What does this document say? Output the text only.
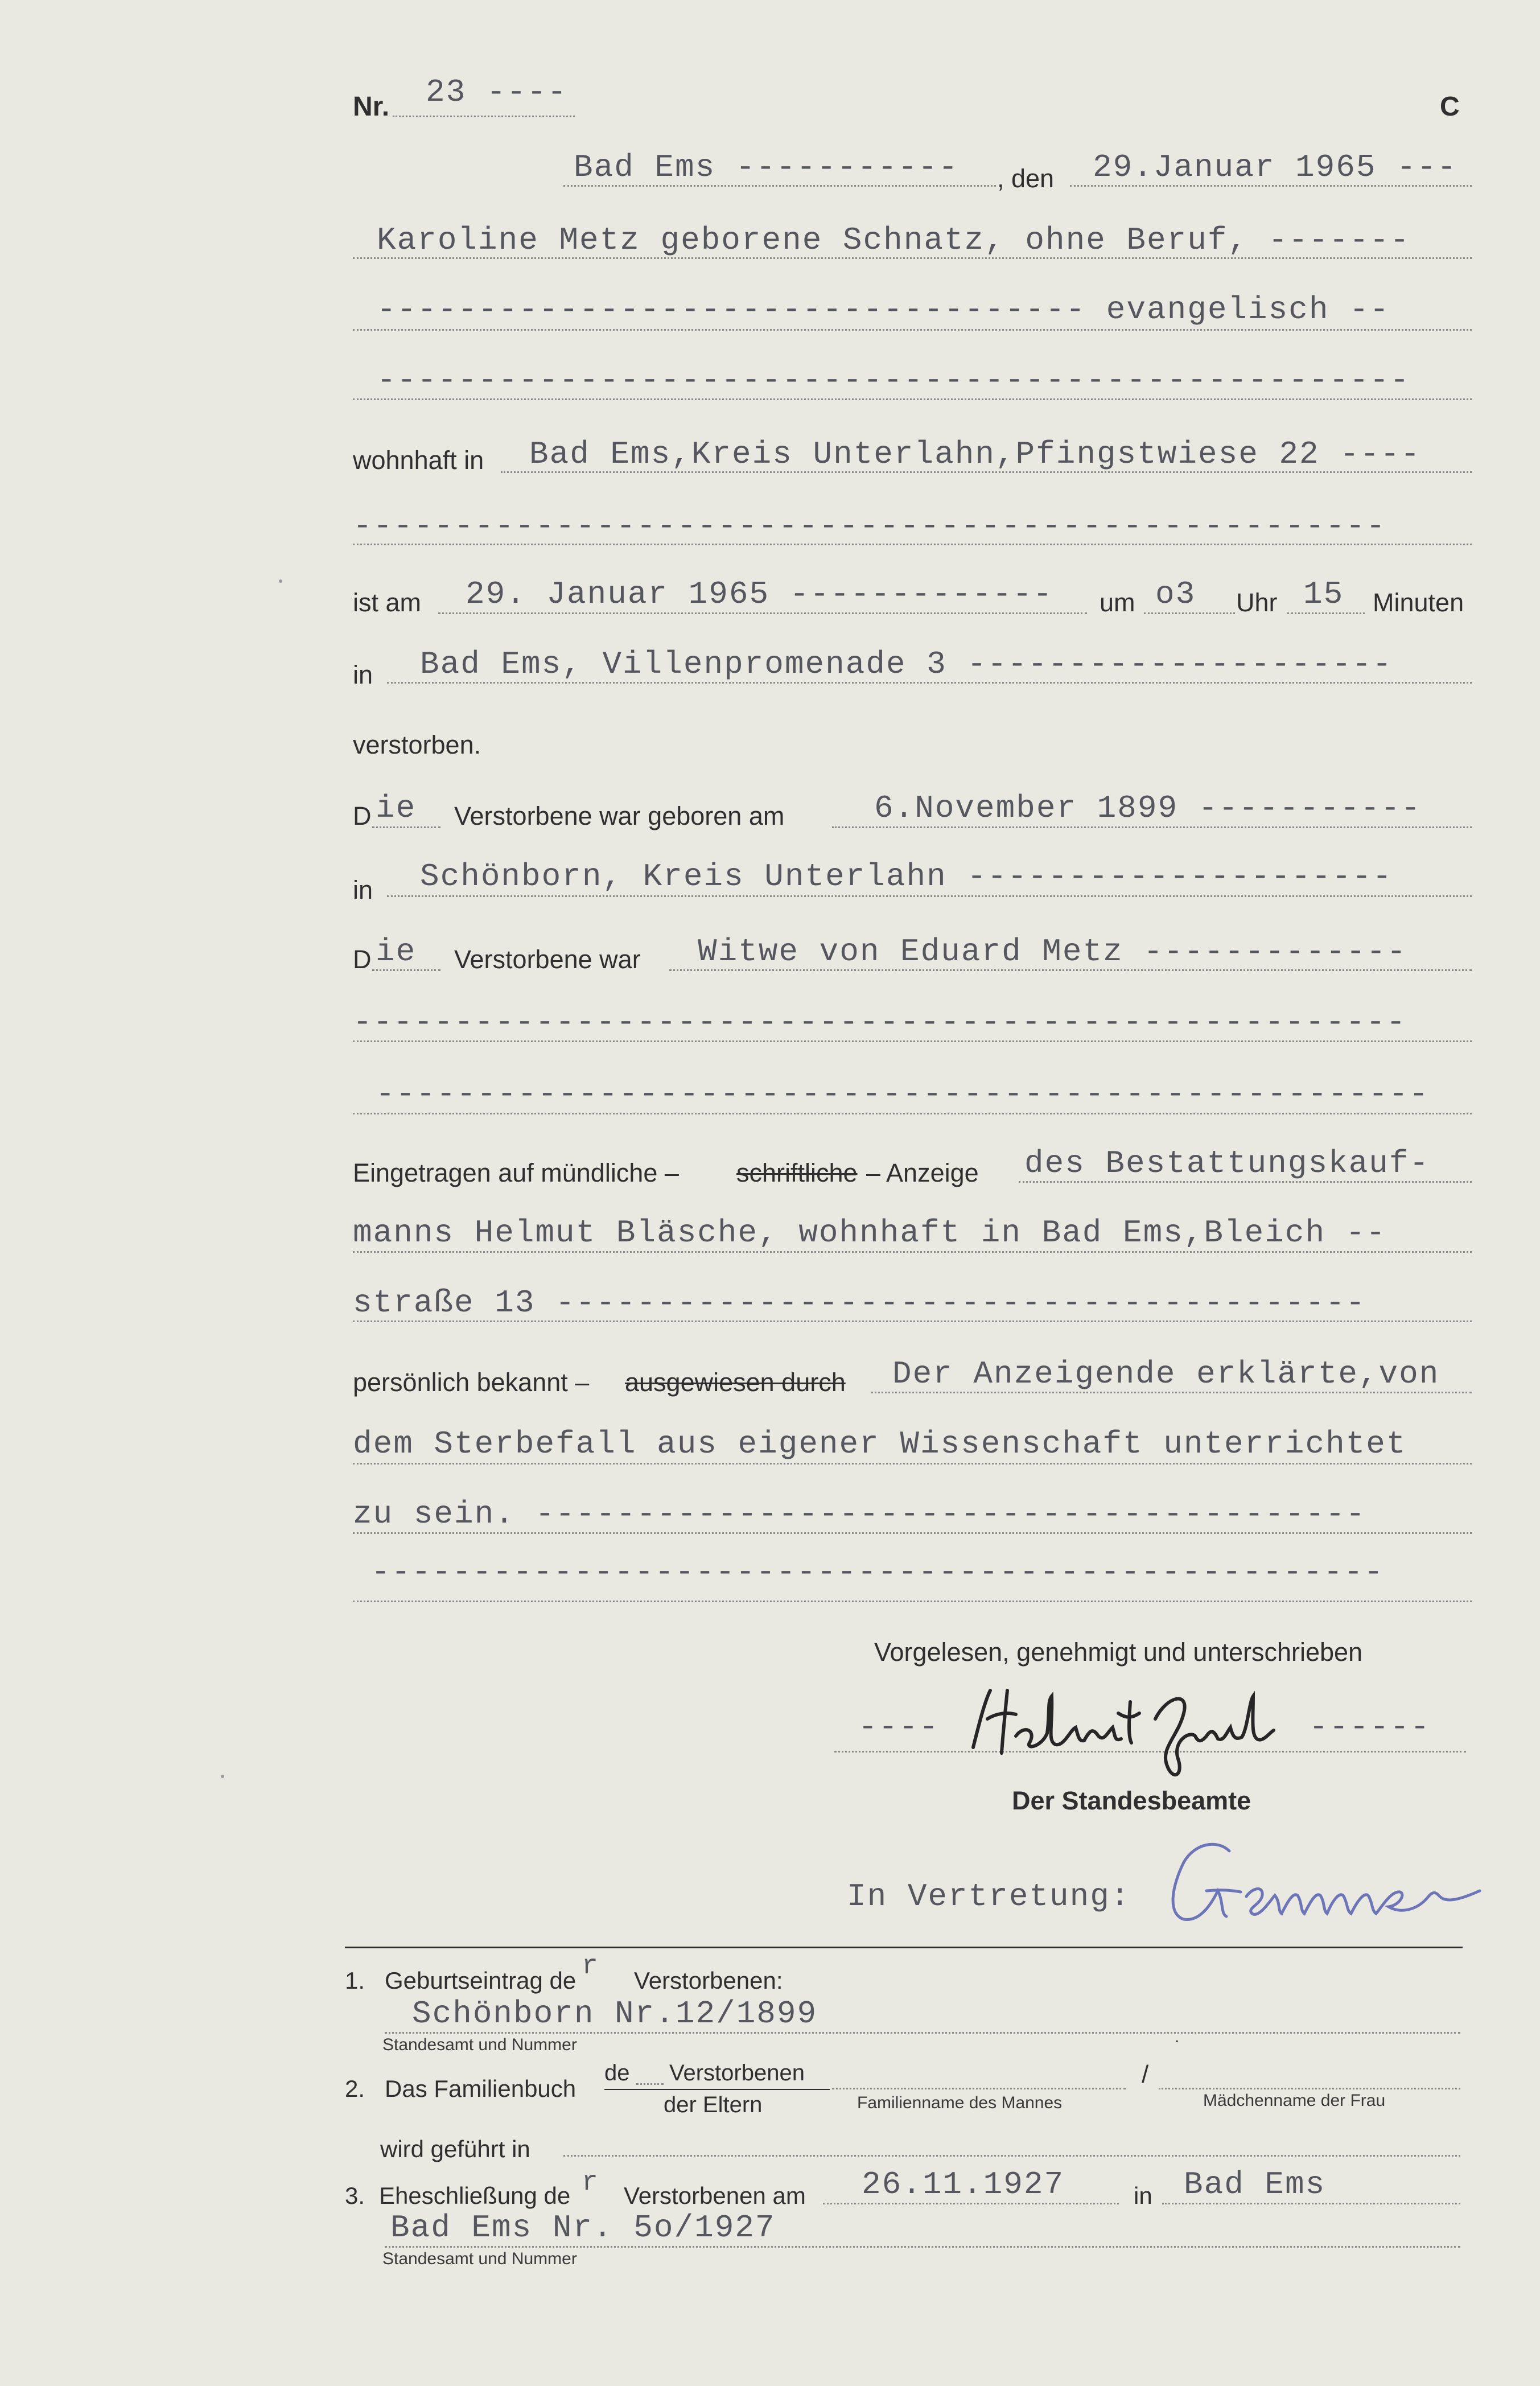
Nr. 23 ----	C
Bad Ems ----------- , den 29.Januar 1965 ---
Karoline Metz geborene Schnatz, ohne Beruf, -------
----------------------------------- evangelisch --
---------------------------------------------------
wohnhaft in Bad Ems,Kreis Unterlahn,Pfingstwiese 22 ----
---------------------------------------------------
ist am 29. Januar 1965 ------------- um o3 Uhr 15 Minuten
in Bad Ems, Villenpromenade 3 ---------------------
verstorben.
D ie Verstorbene war geboren am	6.November 1899 -----------
in Schönborn, Kreis Unterlahn ---------------------
D ie Verstorbene war Witwe von Eduard Metz -------------
----------------------------------------------------
----------------------------------------------------
Eingetragen auf mündliche – schriftliche – Anzeige des Bestattungskauf-
manns Helmut Bläsche, wohnhaft in Bad Ems,Bleich --
straße 13 ----------------------------------------
persönlich bekannt – ausgewiesen durch Der Anzeigende erklärte,von
dem Sterbefall aus eigener Wissenschaft unterrichtet
zu sein. -----------------------------------------
--------------------------------------------------
Vorgelesen, genehmigt und unterschrieben
----
Helmut Bläsche
------
Der Standesbeamte
In Vertretung:
Gemmer
1. Geburtseintrag de r Verstorbenen:
Schönborn Nr.12/1899
Standesamt und Nummer	.
2. Das Familienbuch
de Verstorbenen
der Eltern
/
Familienname des Mannes	Mädchenname der Frau
wird geführt in
3. Eheschließung de r Verstorbenen am 26.11.1927	in Bad Ems
Bad Ems Nr. 5o/1927
Standesamt und Nummer
